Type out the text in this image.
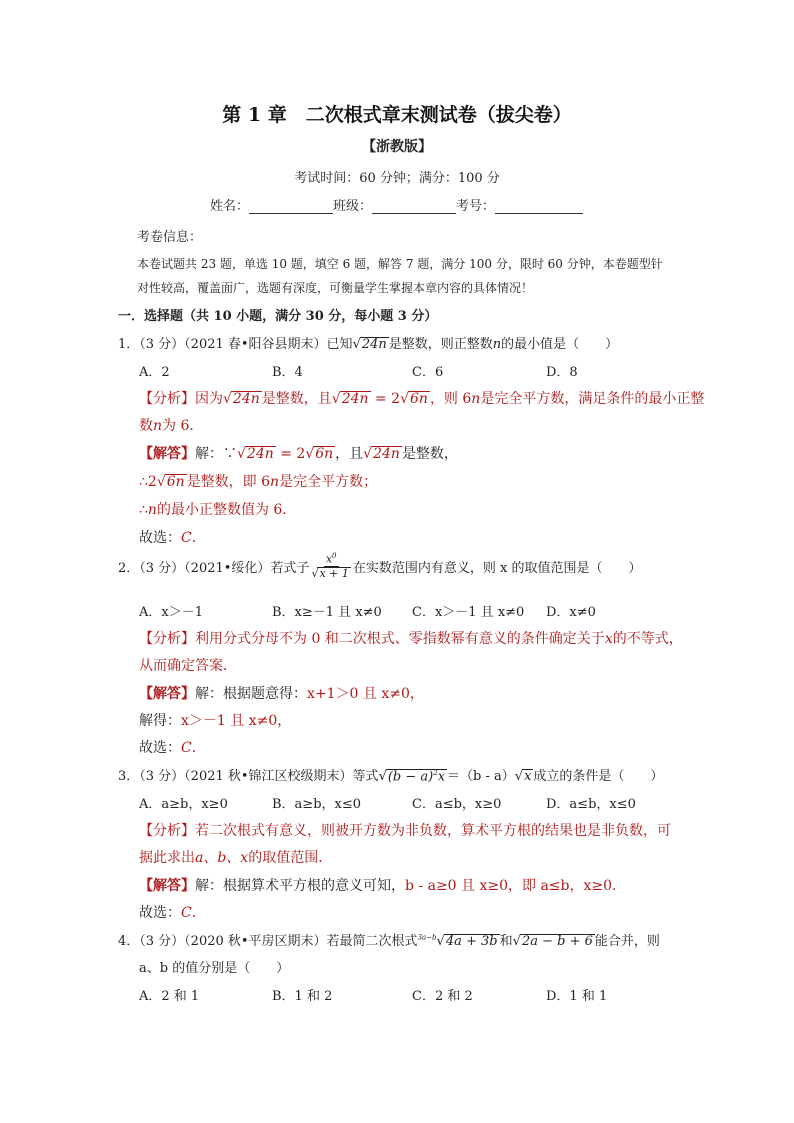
第 1 章　二次根式章末测试卷（拔尖卷）
【浙教版】
考试时间：60 分钟；满分：100 分
姓名：	班级：	考号：
考卷信息：
本卷试题共 23 题，单选 10 题，填空 6 题，解答 7 题，满分 100 分，限时 60 分钟，本卷题型针
对性较高，覆盖面广，选题有深度，可衡量学生掌握本章内容的具体情况！
一．选择题（共 10 小题，满分 30 分，每小题 3 分）
1．（3 分）（2021 春•阳谷县期末）已知√24n 是整数，则正整数n的最小值是（　　）
A．2	B．4	C．6	D．8
【分析】因为√24n 是整数，且√24n = 2√6n ，则 6n是完全平方数，满足条件的最小正整
数n为 6．
【解答】解：∵√24n = 2√6n ，且√24n 是整数，
∴2√6n 是整数，即 6n是完全平方数；
∴n的最小正整数值为 6．
故选：C．
2．（3 分）（2021•绥化）若式子 $\frac{x^0}{√x + 1}$ 在实数范围内有意义，则 x 的取值范围是（　　）
A．x＞－1	B．x≥－1 且 x≠0 C．x＞－1 且 x≠0 D．x≠0
【分析】利用分式分母不为 0 和二次根式、零指数幂有意义的条件确定关于x的不等式，
从而确定答案．
【解答】解：根据题意得：x+1＞0 且 x≠0，
解得：x＞－1 且 x≠0，
故选：C．
3．（3 分）（2021 秋•锦江区校级期末）等式$√(b - a)^2x =(b - a)√x$ 成立的条件是（　　）
A．a≥b，x≥0	B．a≥b，x≤0	C．a≤b，x≥0	D．a≤b，x≤0
【分析】若二次根式有意义，则被开方数为非负数，算术平方根的结果也是非负数，可
据此求出a、b、x的取值范围．
【解答】解：根据算术平方根的意义可知，b - a≥0 且 x≥0，即 a≤b，x≥0．
故选：C．
4．（3 分）（2020 秋•平房区期末）若最简二次根式$^{3a-b}$√4a + 3b 和√2a − b + 6 能合并，则
a、b 的值分别是（　　）
A．2 和 1	B．1 和 2	C．2 和 2	D．1 和 1
